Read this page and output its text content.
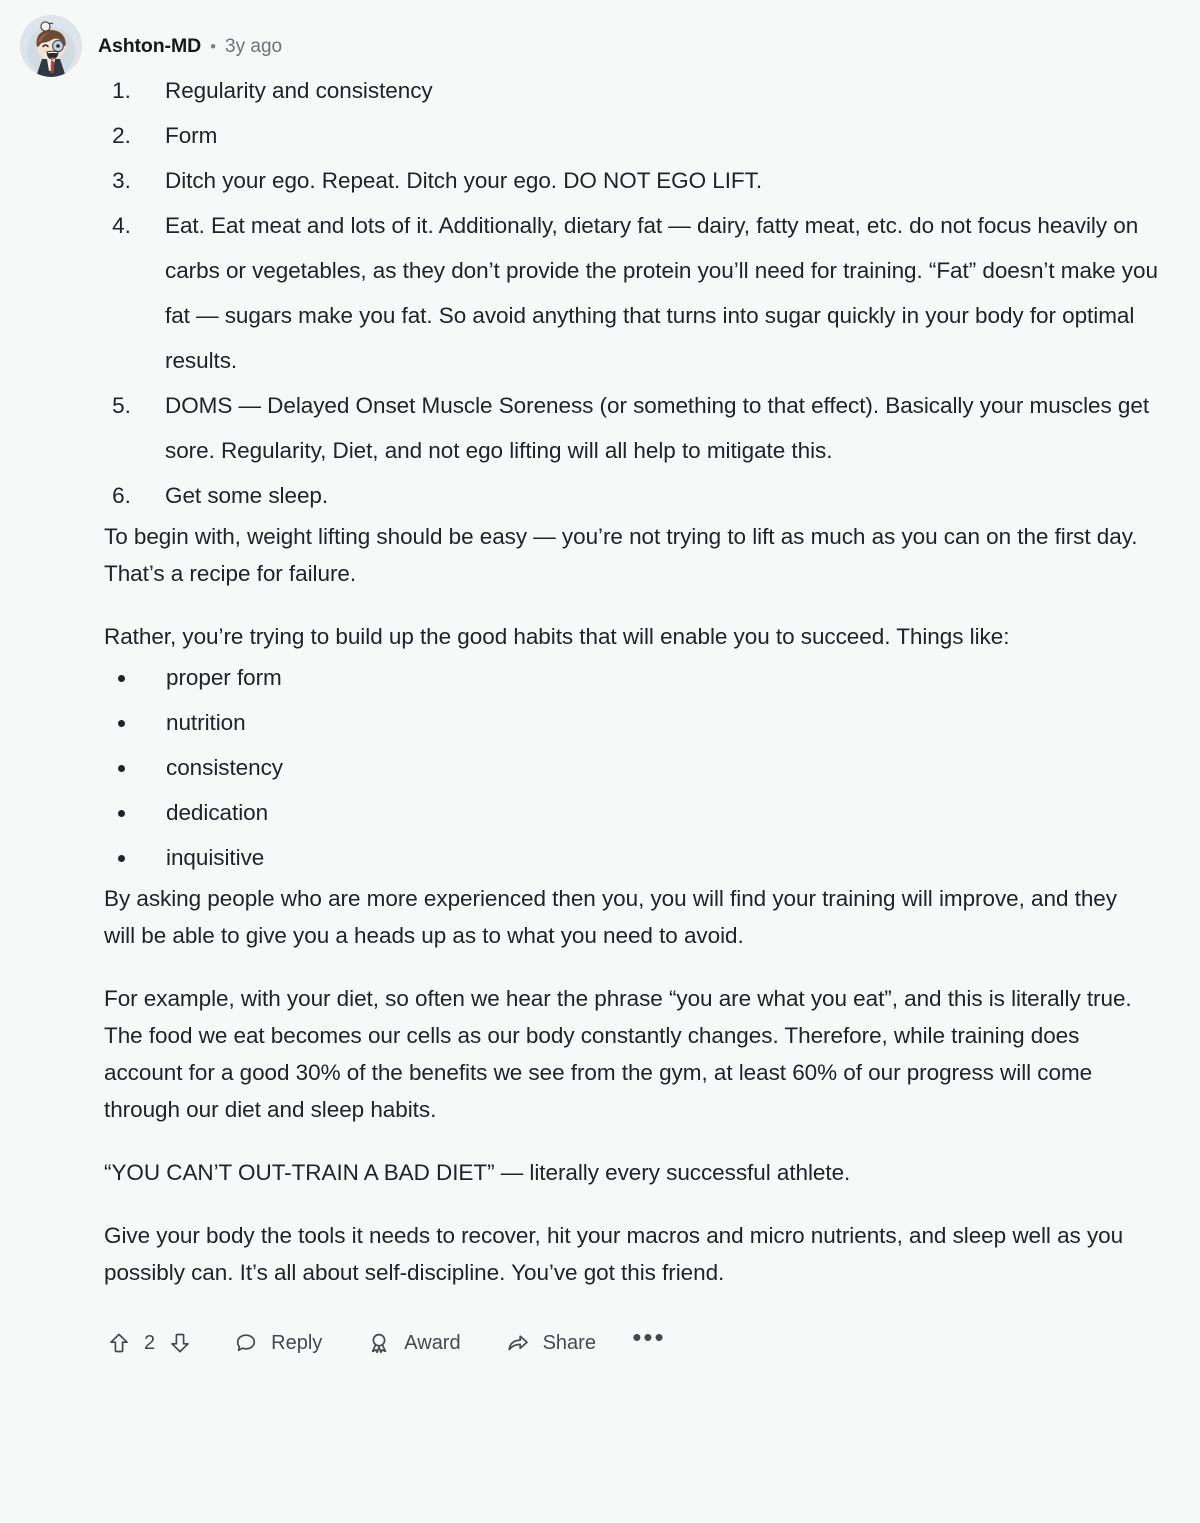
Ashton-MD • 3y ago
1. Regularity and consistency
2. Form
3. Ditch your ego. Repeat. Ditch your ego. DO NOT EGO LIFT.
4. Eat. Eat meat and lots of it. Additionally, dietary fat — dairy, fatty meat, etc. do not focus heavily on carbs or vegetables, as they don’t provide the protein you’ll need for training. “Fat” doesn’t make you fat — sugars make you fat. So avoid anything that turns into sugar quickly in your body for optimal results.
5. DOMS — Delayed Onset Muscle Soreness (or something to that effect). Basically your muscles get sore. Regularity, Diet, and not ego lifting will all help to mitigate this.
6. Get some sleep.

To begin with, weight lifting should be easy — you’re not trying to lift as much as you can on the first day. That’s a recipe for failure.

Rather, you’re trying to build up the good habits that will enable you to succeed. Things like:

• proper form
• nutrition
• consistency
• dedication
• inquisitive

By asking people who are more experienced then you, you will find your training will improve, and they will be able to give you a heads up as to what you need to avoid.

For example, with your diet, so often we hear the phrase “you are what you eat”, and this is literally true. The food we eat becomes our cells as our body constantly changes. Therefore, while training does account for a good 30% of the benefits we see from the gym, at least 60% of our progress will come through our diet and sleep habits.

“YOU CAN’T OUT-TRAIN A BAD DIET” — literally every successful athlete.

Give your body the tools it needs to recover, hit your macros and micro nutrients, and sleep well as you possibly can. It’s all about self-discipline. You’ve got this friend.

2	Reply	Award	Share •••
